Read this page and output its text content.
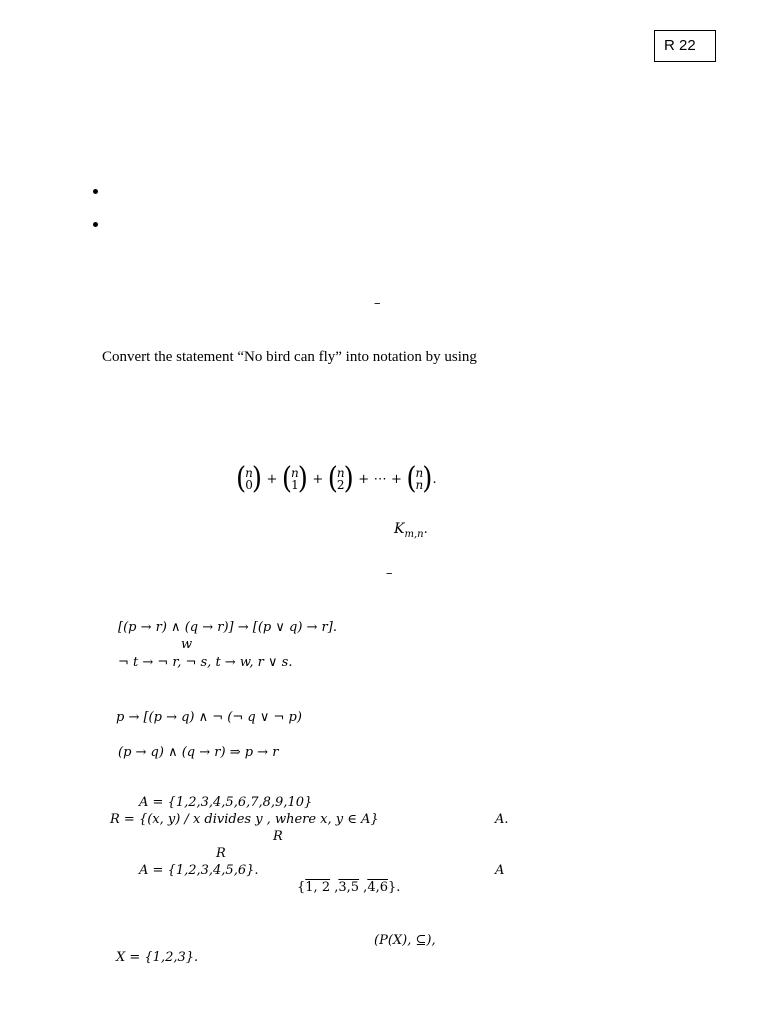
R 22
–
Convert the statement “No bird can fly” into notation by using
( n
0 ) + ( n
1 ) + ( n
2 ) + ⋯ + ( n
n ) .
$K_{m,n}$.
–
[(p → r) ∧ (q → r)] → [(p ∨ q) → r].
w
¬ t → ¬ r, ¬ s, t → w, r ∨ s.
p → [(p → q) ∧ ¬ (¬ q ∨ ¬ p)
(p → q) ∧ (q → r) ⇒ p → r
A = {1,2,3,4,5,6,7,8,9,10}
R = {(x, y) / x divides y , where x, y ∈ A}	A.
R
R
A = {1,2,3,4,5,6}.	A
{1, 2 ,3,5 ,4,6}.
(P(X), ⊆),
X = {1,2,3}.
